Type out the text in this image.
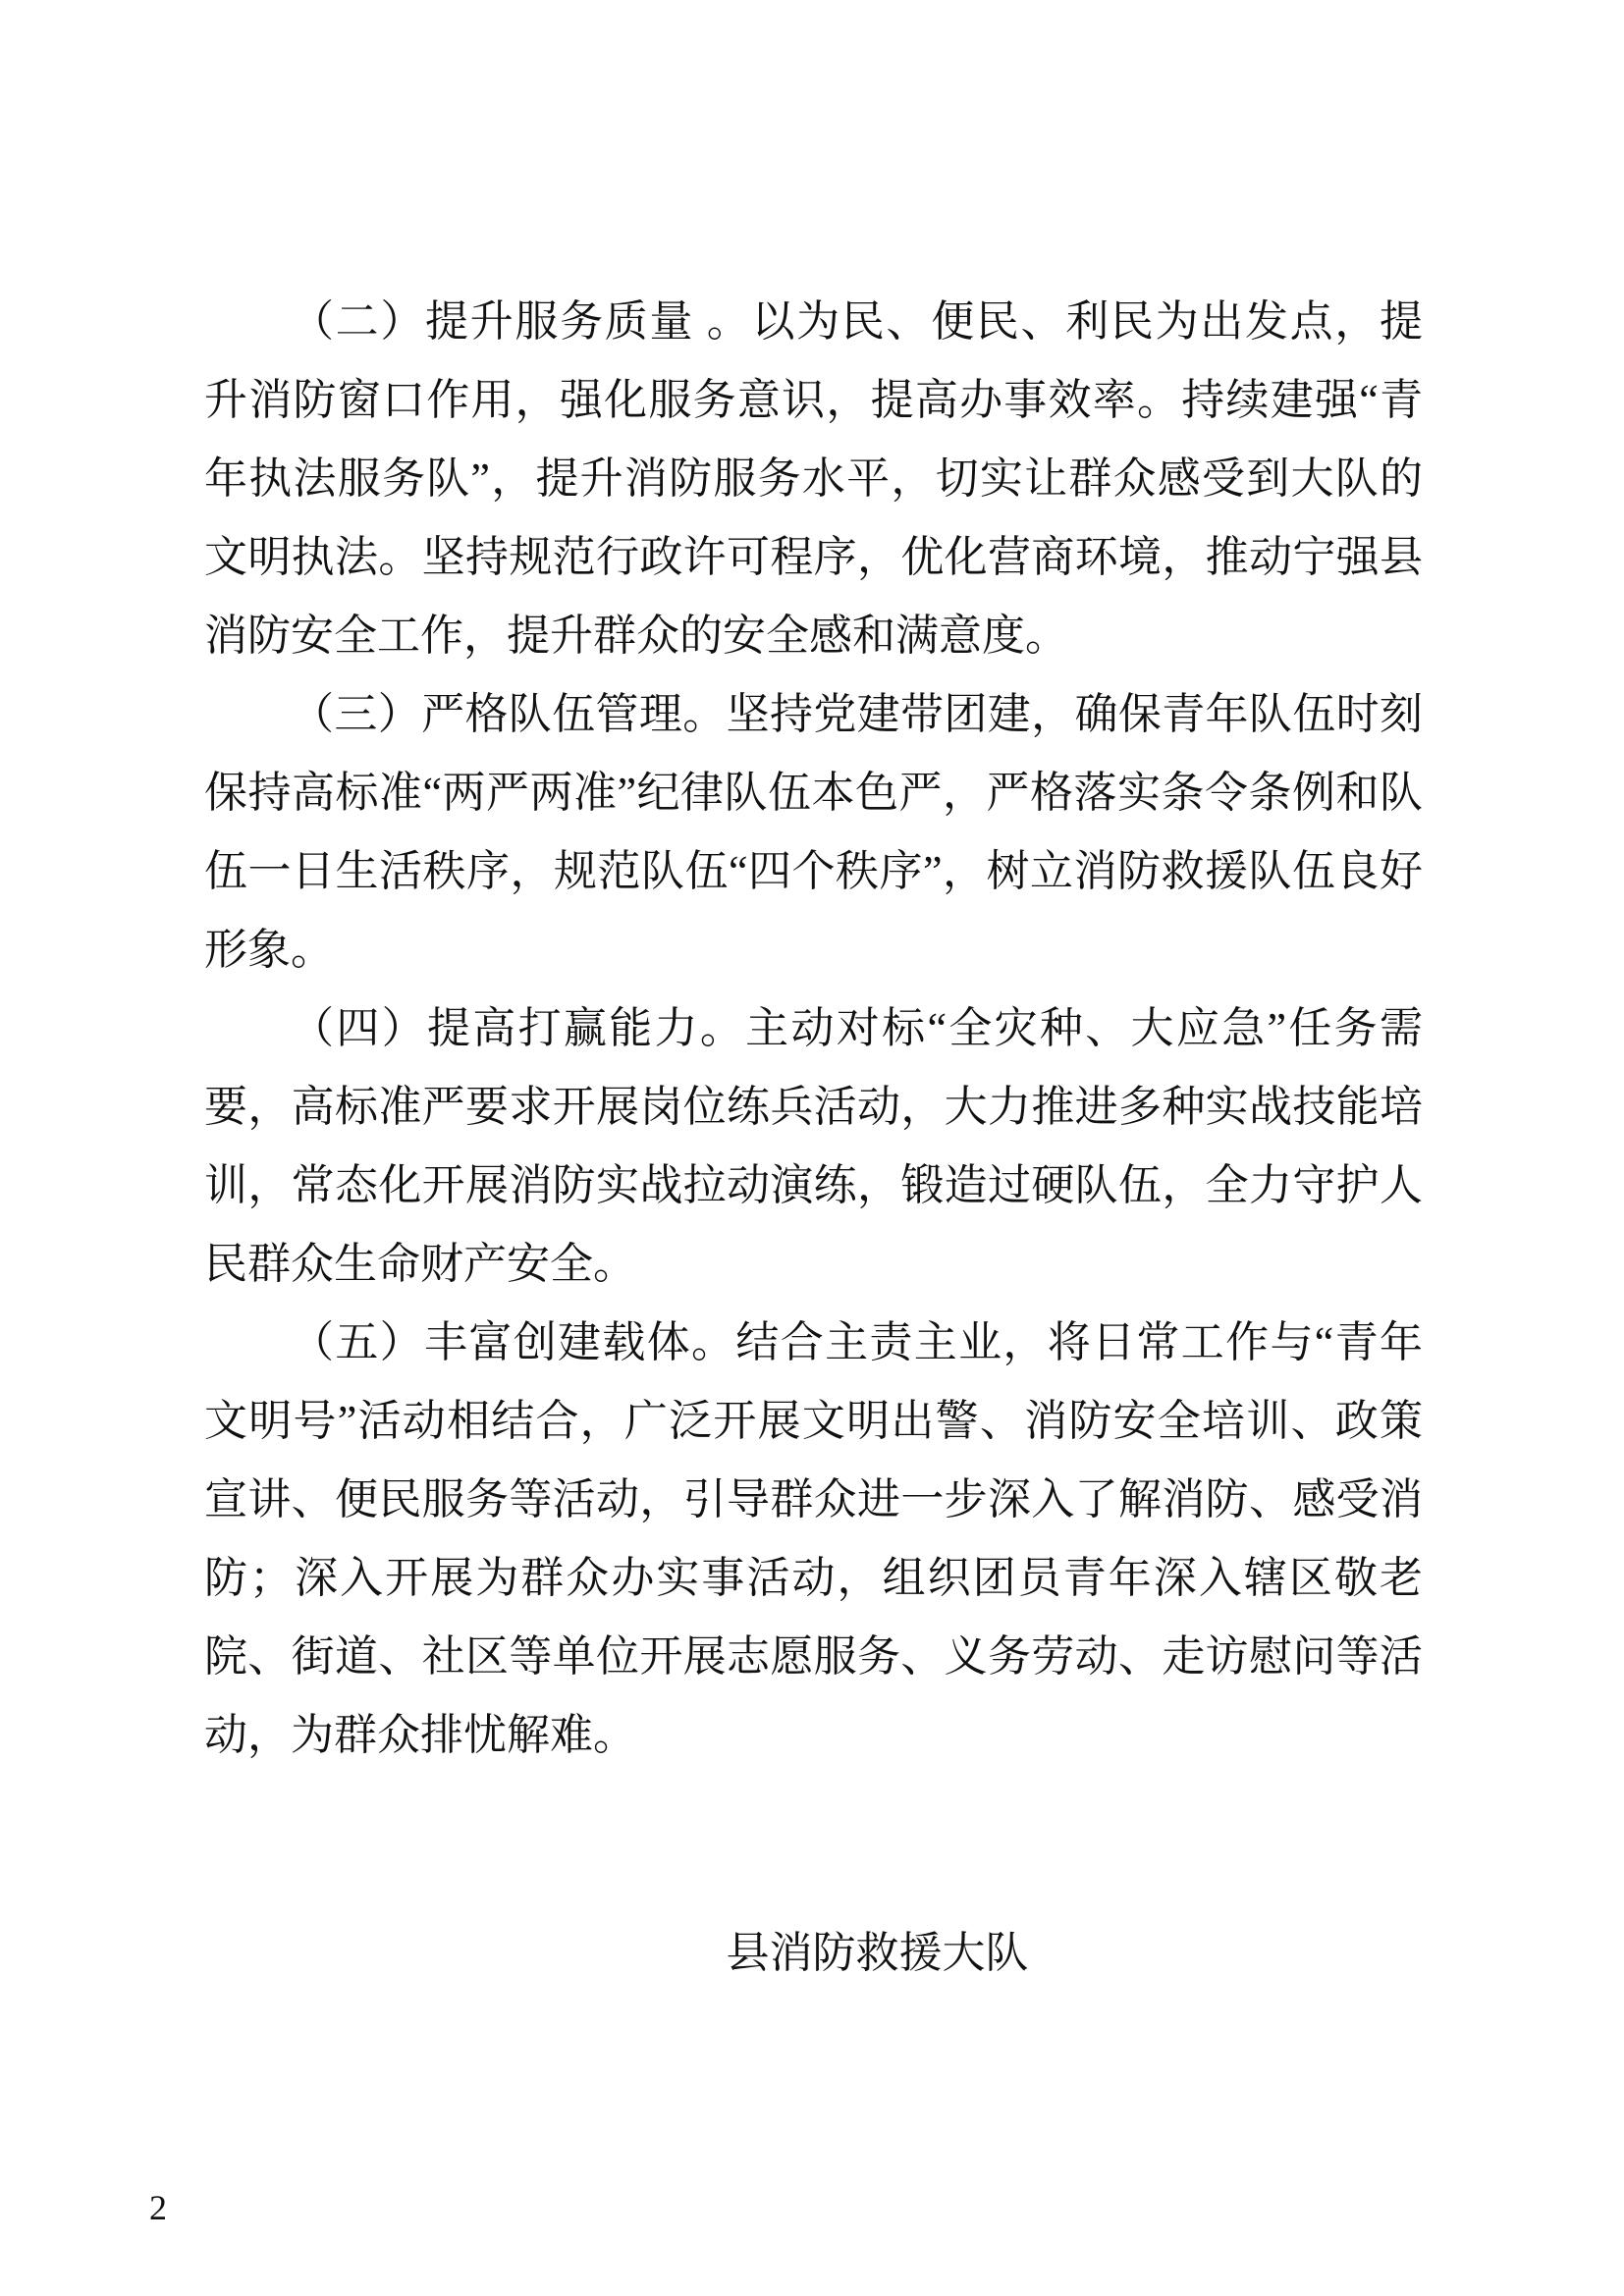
（二）提升服务质量 。以为民、便民、利民为出发点，提升消防窗口作用，强化服务意识，提高办事效率。持续建强“青年执法服务队”，提升消防服务水平，切实让群众感受到大队的文明执法。坚持规范行政许可程序，优化营商环境，推动宁强县消防安全工作，提升群众的安全感和满意度。

（三）严格队伍管理。坚持党建带团建，确保青年队伍时刻保持高标准“两严两准”纪律队伍本色严，严格落实条令条例和队伍一日生活秩序，规范队伍“四个秩序”，树立消防救援队伍良好形象。

（四）提高打赢能力。主动对标“全灾种、大应急”任务需要，高标准严要求开展岗位练兵活动，大力推进多种实战技能培训，常态化开展消防实战拉动演练，锻造过硬队伍，全力守护人民群众生命财产安全。

（五）丰富创建载体。结合主责主业，将日常工作与“青年文明号”活动相结合，广泛开展文明出警、消防安全培训、政策宣讲、便民服务等活动，引导群众进一步深入了解消防、感受消防；深入开展为群众办实事活动，组织团员青年深入辖区敬老院、街道、社区等单位开展志愿服务、义务劳动、走访慰问等活动，为群众排忧解难。

县消防救援大队
2
